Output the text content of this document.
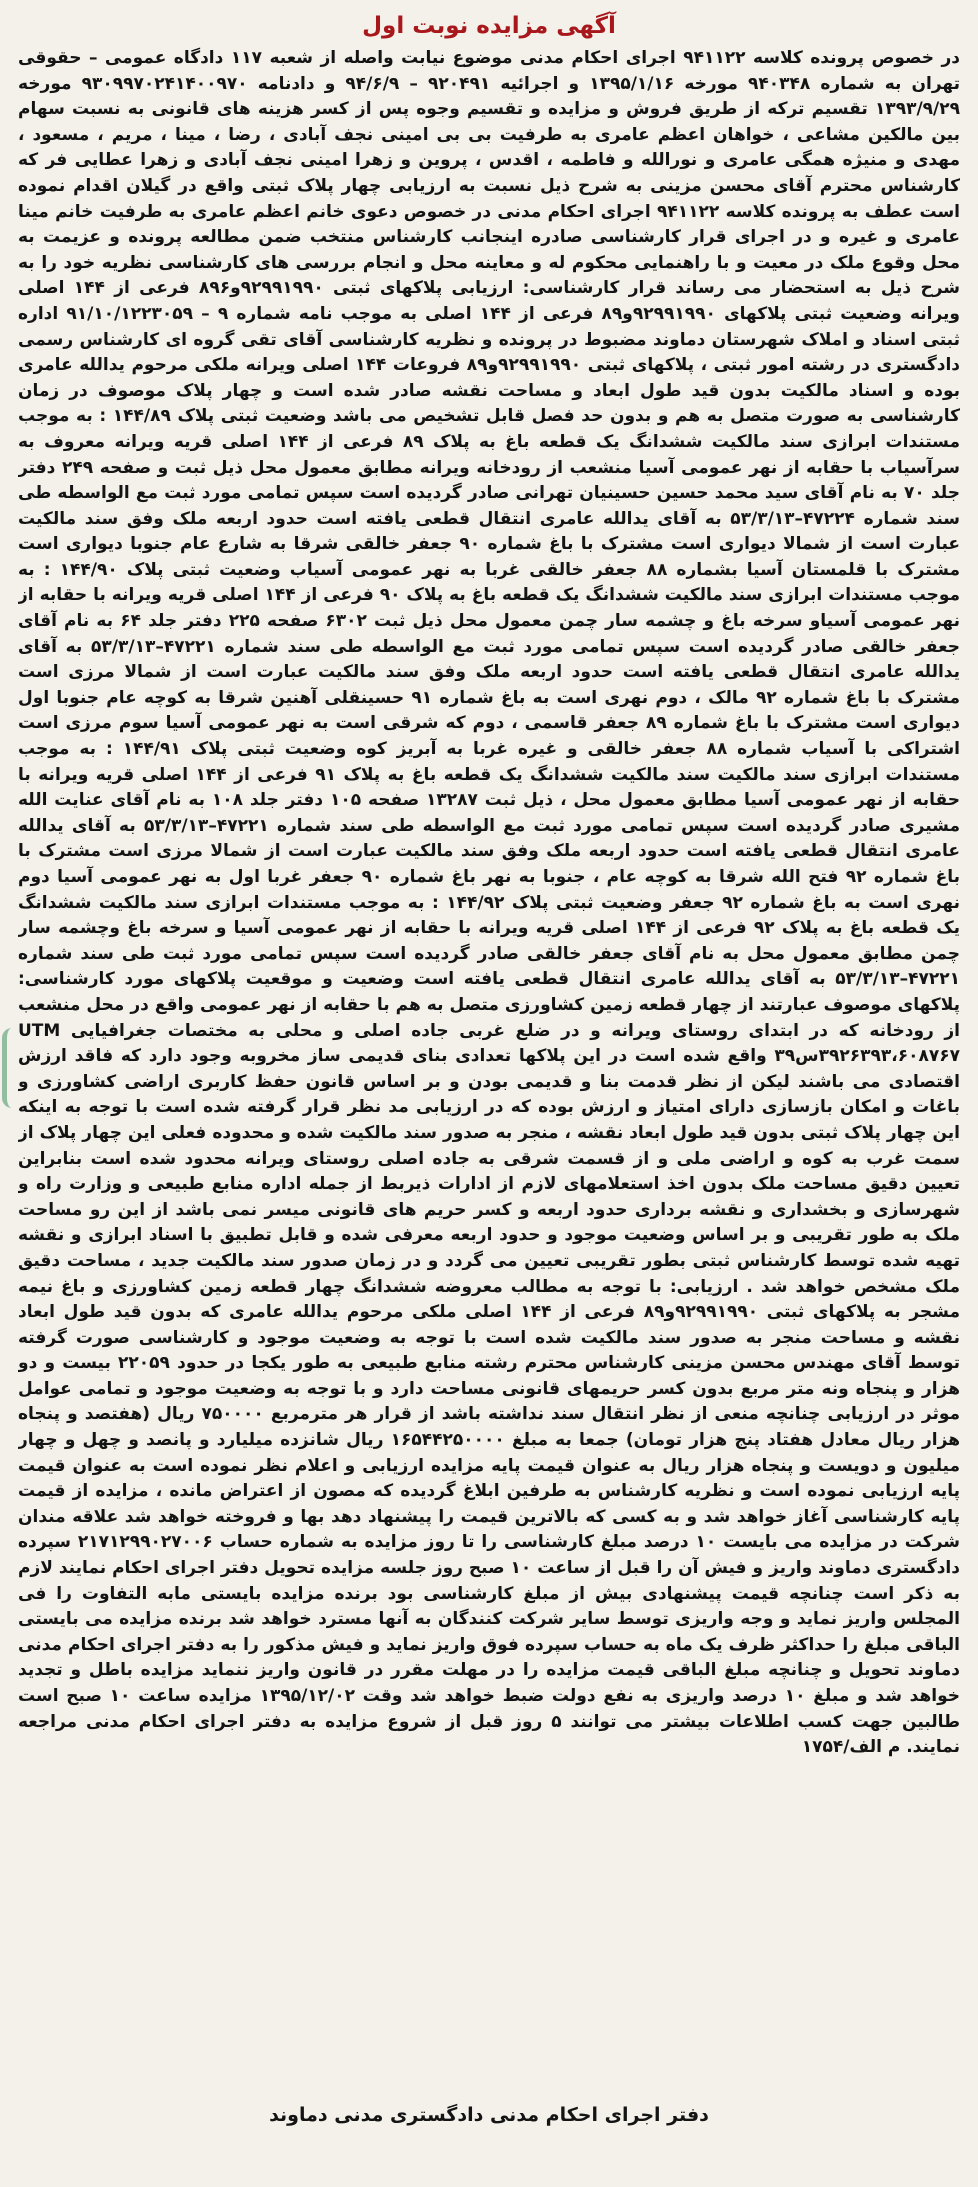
آگهی مزایده نوبت اول

در خصوص پرونده کلاسه ۹۴۱۱۲۲ اجرای احکام مدنی موضوع نیابت واصله از شعبه ۱۱۷ دادگاه عمومی – حقوقی تهران به شماره ۹۴۰۳۴۸ مورخه ۱۳۹۵/۱/۱۶ و اجرائیه ۹۲۰۴۹۱ – ۹۴/۶/۹ و دادنامه ۹۳۰۹۹۷۰۲۴۱۴۰۰۹۷۰ مورخه ۱۳۹۳/۹/۲۹ تقسیم ترکه از طریق فروش و مزایده و تقسیم وجوه پس از کسر هزینه های قانونی به نسبت سهام بین مالکین مشاعی ، خواهان اعظم عامری به طرفیت بی بی امینی نجف آبادی ، رضا ، مینا ، مریم ، مسعود ، مهدی و منیژه همگی عامری و نورالله و فاطمه ، اقدس ، پروین و زهرا امینی نجف آبادی و زهرا عطایی فر که کارشناس محترم آقای محسن مزینی به شرح ذیل نسبت به ارزیابی چهار پلاک ثبتی واقع در گیلان اقدام نموده است عطف به پرونده کلاسه ۹۴۱۱۲۲ اجرای احکام مدنی در خصوص دعوی خانم اعظم عامری به طرفیت خانم مینا عامری و غیره و در اجرای قرار کارشناسی صادره اینجانب کارشناس منتخب ضمن مطالعه پرونده و عزیمت به محل وقوع ملک در معیت و با راهنمایی محکوم له و معاینه محل و انجام بررسی های کارشناسی نظریه خود را به شرح ذیل به استحضار می رساند قرار کارشناسی: ارزیابی پلاکهای ثبتی ۹۲۹۹۱۹۹۰و۸۹۶ فرعی از ۱۴۴ اصلی ویرانه وضعیت ثبتی پلاکهای ۹۲۹۹۱۹۹۰و۸۹ فرعی از ۱۴۴ اصلی به موجب نامه شماره ۹ – ۹۱/۱۰/۱۲۲۳۰۵۹ اداره ثبتی اسناد و املاک شهرستان دماوند مضبوط در پرونده و نظریه کارشناسی آقای تقی گروه ای کارشناس رسمی دادگستری در رشته امور ثبتی ، پلاکهای ثبتی ۹۲۹۹۱۹۹۰و۸۹ فروعات ۱۴۴ اصلی ویرانه ملکی مرحوم یدالله عامری بوده و اسناد مالکیت بدون قید طول ابعاد و مساحت نقشه صادر شده است و چهار پلاک موصوف در زمان کارشناسی به صورت متصل به هم و بدون حد فصل قابل تشخیص می باشد وضعیت ثبتی پلاک ۱۴۴/۸۹ : به موجب مستندات ابرازی سند مالکیت ششدانگ یک قطعه باغ به پلاک ۸۹ فرعی از ۱۴۴ اصلی قریه ویرانه معروف به سرآسیاب با حقابه از نهر عمومی آسیا منشعب از رودخانه ویرانه مطابق معمول محل ذیل ثبت و صفحه ۲۴۹ دفتر جلد ۷۰ به نام آقای سید محمد حسین حسینیان تهرانی صادر گردیده است سپس تمامی مورد ثبت مع الواسطه طی سند شماره ۴۷۲۲۴–۵۳/۳/۱۳ به آقای یدالله عامری انتقال قطعی یافته است حدود اربعه ملک وفق سند مالکیت عبارت است از شمالا دیواری است مشترک با باغ شماره ۹۰ جعفر خالقی شرقا به شارع عام جنوبا دیواری است مشترک با قلمستان آسیا بشماره ۸۸ جعفر خالقی غربا به نهر عمومی آسیاب وضعیت ثبتی پلاک ۱۴۴/۹۰ : به موجب مستندات ابرازی سند مالکیت ششدانگ یک قطعه باغ به پلاک ۹۰ فرعی از ۱۴۴ اصلی قریه ویرانه با حقابه از نهر عمومی آسیاو سرخه باغ و چشمه سار چمن معمول محل ذیل ثبت ۶۳۰۲ صفحه ۲۲۵ دفتر جلد ۶۴ به نام آقای جعفر خالقی صادر گردیده است سپس تمامی مورد ثبت مع الواسطه طی سند شماره ۴۷۲۲۱–۵۳/۳/۱۳ به آقای یدالله عامری انتقال قطعی یافته است حدود اربعه ملک وفق سند مالکیت عبارت است از شمالا مرزی است مشترک با باغ شماره ۹۲ مالک ، دوم نهری است به باغ شماره ۹۱ حسینقلی آهنین شرقا به کوچه عام جنوبا اول دیواری است مشترک با باغ شماره ۸۹ جعفر قاسمی ، دوم که شرقی است به نهر عمومی آسیا سوم مرزی است اشتراکی با آسیاب شماره ۸۸ جعفر خالقی و غیره غربا به آبریز کوه وضعیت ثبتی پلاک ۱۴۴/۹۱ : به موجب مستندات ابرازی سند مالکیت سند مالکیت ششدانگ یک قطعه باغ به پلاک ۹۱ فرعی از ۱۴۴ اصلی قریه ویرانه با حقابه از نهر عمومی آسیا مطابق معمول محل ، ذیل ثبت ۱۳۲۸۷ صفحه ۱۰۵ دفتر جلد ۱۰۸ به نام آقای عنایت الله مشیری صادر گردیده است سپس تمامی مورد ثبت مع الواسطه طی سند شماره ۴۷۲۲۱–۵۳/۳/۱۳ به آقای یدالله عامری انتقال قطعی یافته است حدود اربعه ملک وفق سند مالکیت عبارت است از شمالا مرزی است مشترک با باغ شماره ۹۲ فتح الله شرقا به کوچه عام ، جنوبا به نهر باغ شماره ۹۰ جعفر غربا اول به نهر عمومی آسیا دوم نهری است به باغ شماره ۹۲ جعفر وضعیت ثبتی پلاک ۱۴۴/۹۲ : به موجب مستندات ابرازی سند مالکیت ششدانگ یک قطعه باغ به پلاک ۹۲ فرعی از ۱۴۴ اصلی قریه ویرانه با حقابه از نهر عمومی آسیا و سرخه باغ وچشمه سار چمن مطابق معمول محل به نام آقای جعفر خالقی صادر گردیده است سپس تمامی مورد ثبت طی سند شماره ۴۷۲۲۱–۵۳/۳/۱۳ به آقای یدالله عامری انتقال قطعی یافته است وضعیت و موقعیت پلاکهای مورد کارشناسی: پلاکهای موصوف عبارتند از چهار قطعه زمین کشاورزی متصل به هم با حقابه از نهر عمومی واقع در محل منشعب از رودخانه که در ابتدای روستای ویرانه و در ضلع غربی جاده اصلی و محلی به مختصات جغرافیایی UTM ۳۹۲۶۳۹۳،۶۰۸۷۶۷س۳۹ واقع شده است در این پلاکها تعدادی بنای قدیمی ساز مخروبه وجود دارد که فاقد ارزش اقتصادی می باشند لیکن از نظر قدمت بنا و قدیمی بودن و بر اساس قانون حفظ کاربری اراضی کشاورزی و باغات و امکان بازسازی دارای امتیاز و ارزش بوده که در ارزیابی مد نظر قرار گرفته شده است با توجه به اینکه این چهار پلاک ثبتی بدون قید طول ابعاد نقشه ، منجر به صدور سند مالکیت شده و محدوده فعلی این چهار پلاک از سمت غرب به کوه و اراضی ملی و از قسمت شرقی به جاده اصلی روستای ویرانه محدود شده است بنابراین تعیین دقیق مساحت ملک بدون اخذ استعلامهای لازم از ادارات ذیربط از جمله اداره منابع طبیعی و وزارت راه و شهرسازی و بخشداری و نقشه برداری حدود اربعه و کسر حریم های قانونی میسر نمی باشد از این رو مساحت ملک به طور تقریبی و بر اساس وضعیت موجود و حدود اربعه معرفی شده و قابل تطبیق با اسناد ابرازی و نقشه تهیه شده توسط کارشناس ثبتی بطور تقریبی تعیین می گردد و در زمان صدور سند مالکیت جدید ، مساحت دقیق ملک مشخص خواهد شد . ارزیابی: با توجه به مطالب معروضه ششدانگ چهار قطعه زمین کشاورزی و باغ نیمه مشجر به پلاکهای ثبتی ۹۲۹۹۱۹۹۰و۸۹ فرعی از ۱۴۴ اصلی ملکی مرحوم یدالله عامری که بدون قید طول ابعاد نقشه و مساحت منجر به صدور سند مالکیت شده است با توجه به وضعیت موجود و کارشناسی صورت گرفته توسط آقای مهندس محسن مزینی کارشناس محترم رشته منابع طبیعی به طور یکجا در حدود ۲۲۰۵۹ بیست و دو هزار و پنجاه ونه متر مربع بدون کسر حریمهای قانونی مساحت دارد و با توجه به وضعیت موجود و تمامی عوامل موثر در ارزیابی چنانچه منعی از نظر انتقال سند نداشته باشد از قرار هر مترمربع ۷۵۰۰۰۰ ریال (هفتصد و پنجاه هزار ریال معادل هفتاد پنج هزار تومان) جمعا به مبلغ ۱۶۵۴۴۲۵۰۰۰۰ ریال شانزده میلیارد و پانصد و چهل و چهار میلیون و دویست و پنجاه هزار ریال به عنوان قیمت پایه مزایده ارزیابی و اعلام نظر نموده است به عنوان قیمت پایه ارزیابی نموده است و نظریه کارشناس به طرفین ابلاغ گردیده که مصون از اعتراض مانده ، مزایده از قیمت پایه کارشناسی آغاز خواهد شد و به کسی که بالاترین قیمت را پیشنهاد دهد بها و فروخته خواهد شد علاقه مندان شرکت در مزایده می بایست ۱۰ درصد مبلغ کارشناسی را تا روز مزایده به شماره حساب ۲۱۷۱۲۹۹۰۲۷۰۰۶ سپرده دادگستری دماوند واریز و فیش آن را قبل از ساعت ۱۰ صبح روز جلسه مزایده تحویل دفتر اجرای احکام نمایند لازم به ذکر است چنانچه قیمت پیشنهادی بیش از مبلغ کارشناسی بود برنده مزایده بایستی مابه التفاوت را فی المجلس واریز نماید و وجه واریزی توسط سایر شرکت کنندگان به آنها مسترد خواهد شد برنده مزایده می بایستی الباقی مبلغ را حداکثر ظرف یک ماه به حساب سپرده فوق واریز نماید و فیش مذکور را به دفتر اجرای احکام مدنی دماوند تحویل و چنانچه مبلغ الباقی قیمت مزایده را در مهلت مقرر در قانون واریز ننماید مزایده باطل و تجدید خواهد شد و مبلغ ۱۰ درصد واریزی به نفع دولت ضبط خواهد شد وقت ۱۳۹۵/۱۲/۰۲ مزایده ساعت ۱۰ صبح است طالبین جهت کسب اطلاعات بیشتر می توانند ۵ روز قبل از شروع مزایده به دفتر اجرای احکام مدنی مراجعه نمایند. م الف/۱۷۵۴

دفتر اجرای احکام مدنی دادگستری مدنی دماوند
